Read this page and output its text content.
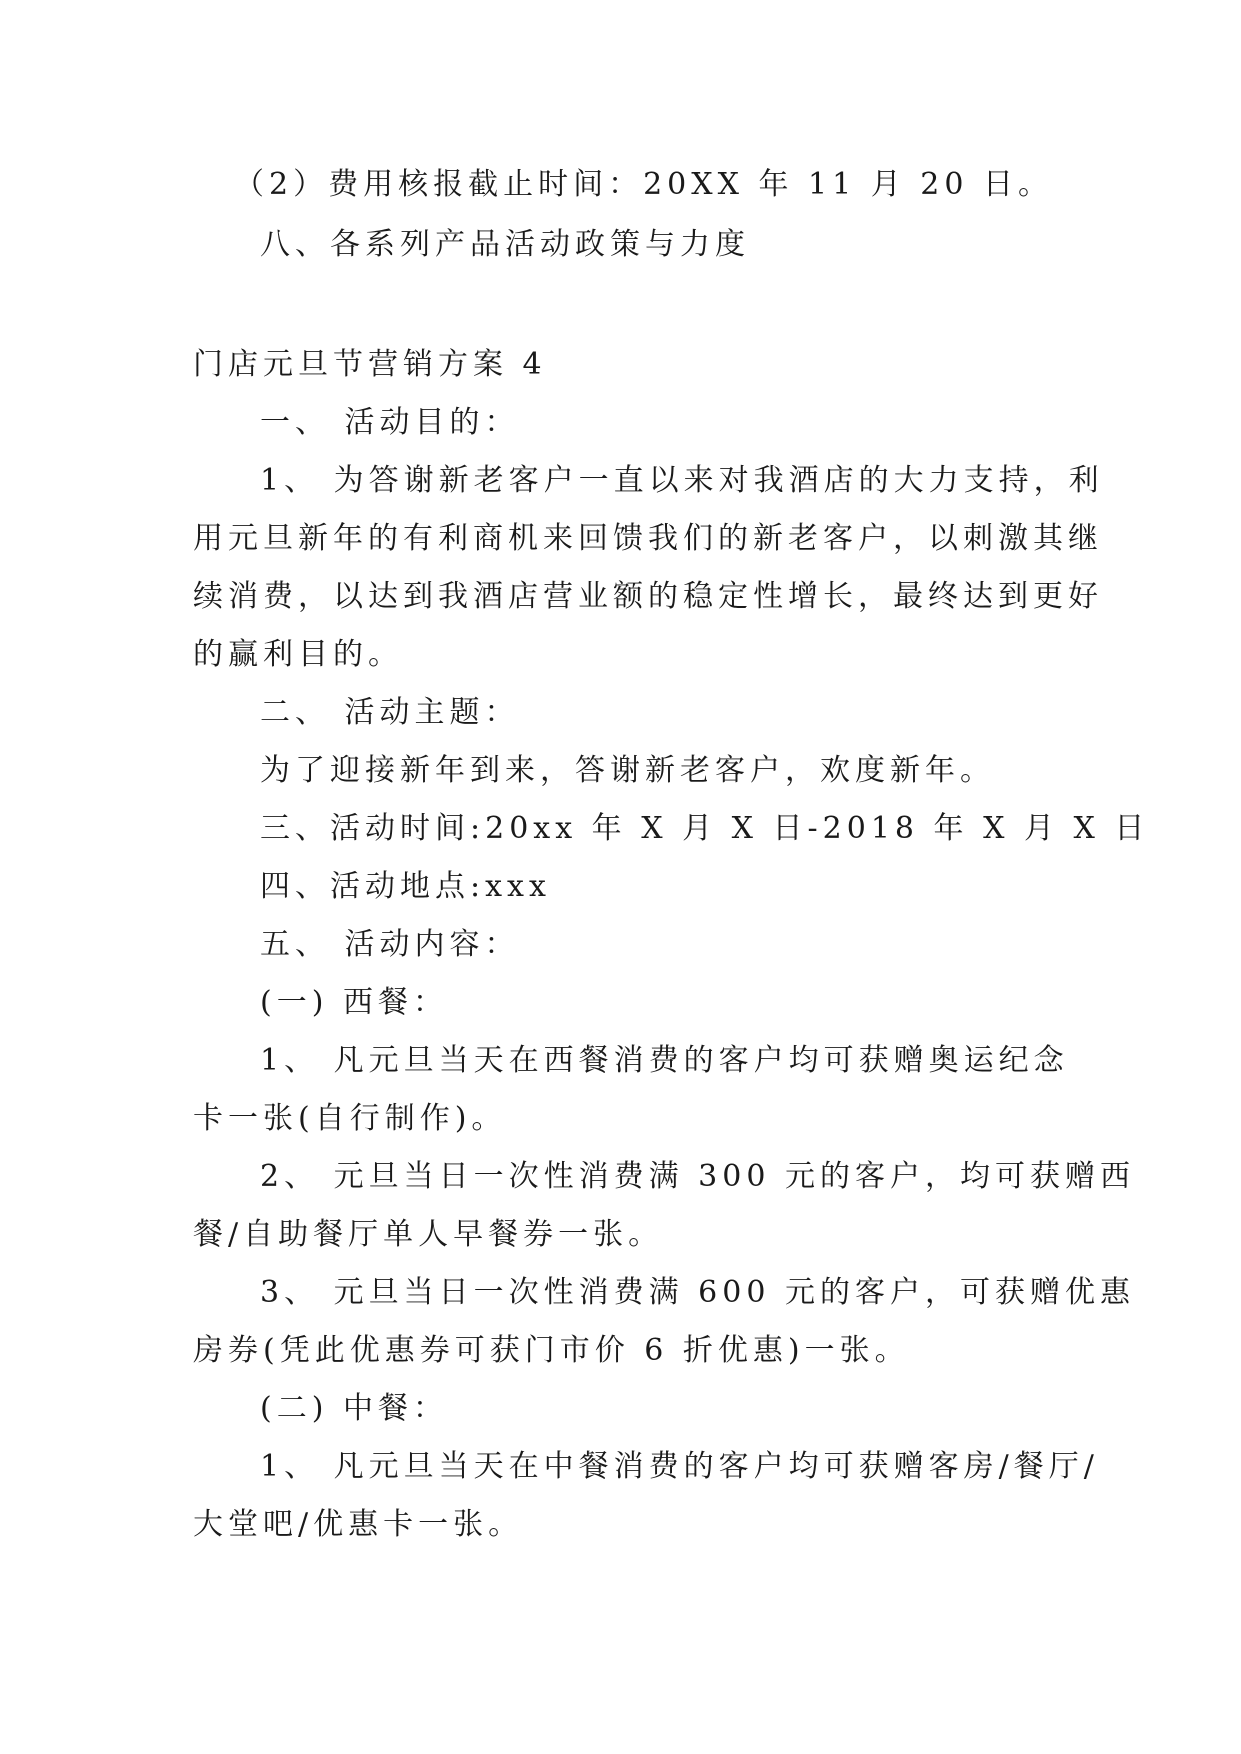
（2）费用核报截止时间：20XX 年 11 月 20 日。

八、各系列产品活动政策与力度

门店元旦节营销方案 4

一、 活动目的：

1、 为答谢新老客户一直以来对我酒店的大力支持，利

用元旦新年的有利商机来回馈我们的新老客户，以刺激其继

续消费，以达到我酒店营业额的稳定性增长，最终达到更好

的赢利目的。

二、 活动主题：

为了迎接新年到来，答谢新老客户，欢度新年。

三、活动时间:20xx 年 X 月 X 日-2018 年 X 月 X 日

四、活动地点:xxx

五、 活动内容：

(一) 西餐：

1、 凡元旦当天在西餐消费的客户均可获赠奥运纪念

卡一张(自行制作)。

2、 元旦当日一次性消费满 300 元的客户，均可获赠西

餐/自助餐厅单人早餐券一张。

3、 元旦当日一次性消费满 600 元的客户，可获赠优惠

房券(凭此优惠券可获门市价 6 折优惠)一张。

(二) 中餐：

1、 凡元旦当天在中餐消费的客户均可获赠客房/餐厅/

大堂吧/优惠卡一张。
